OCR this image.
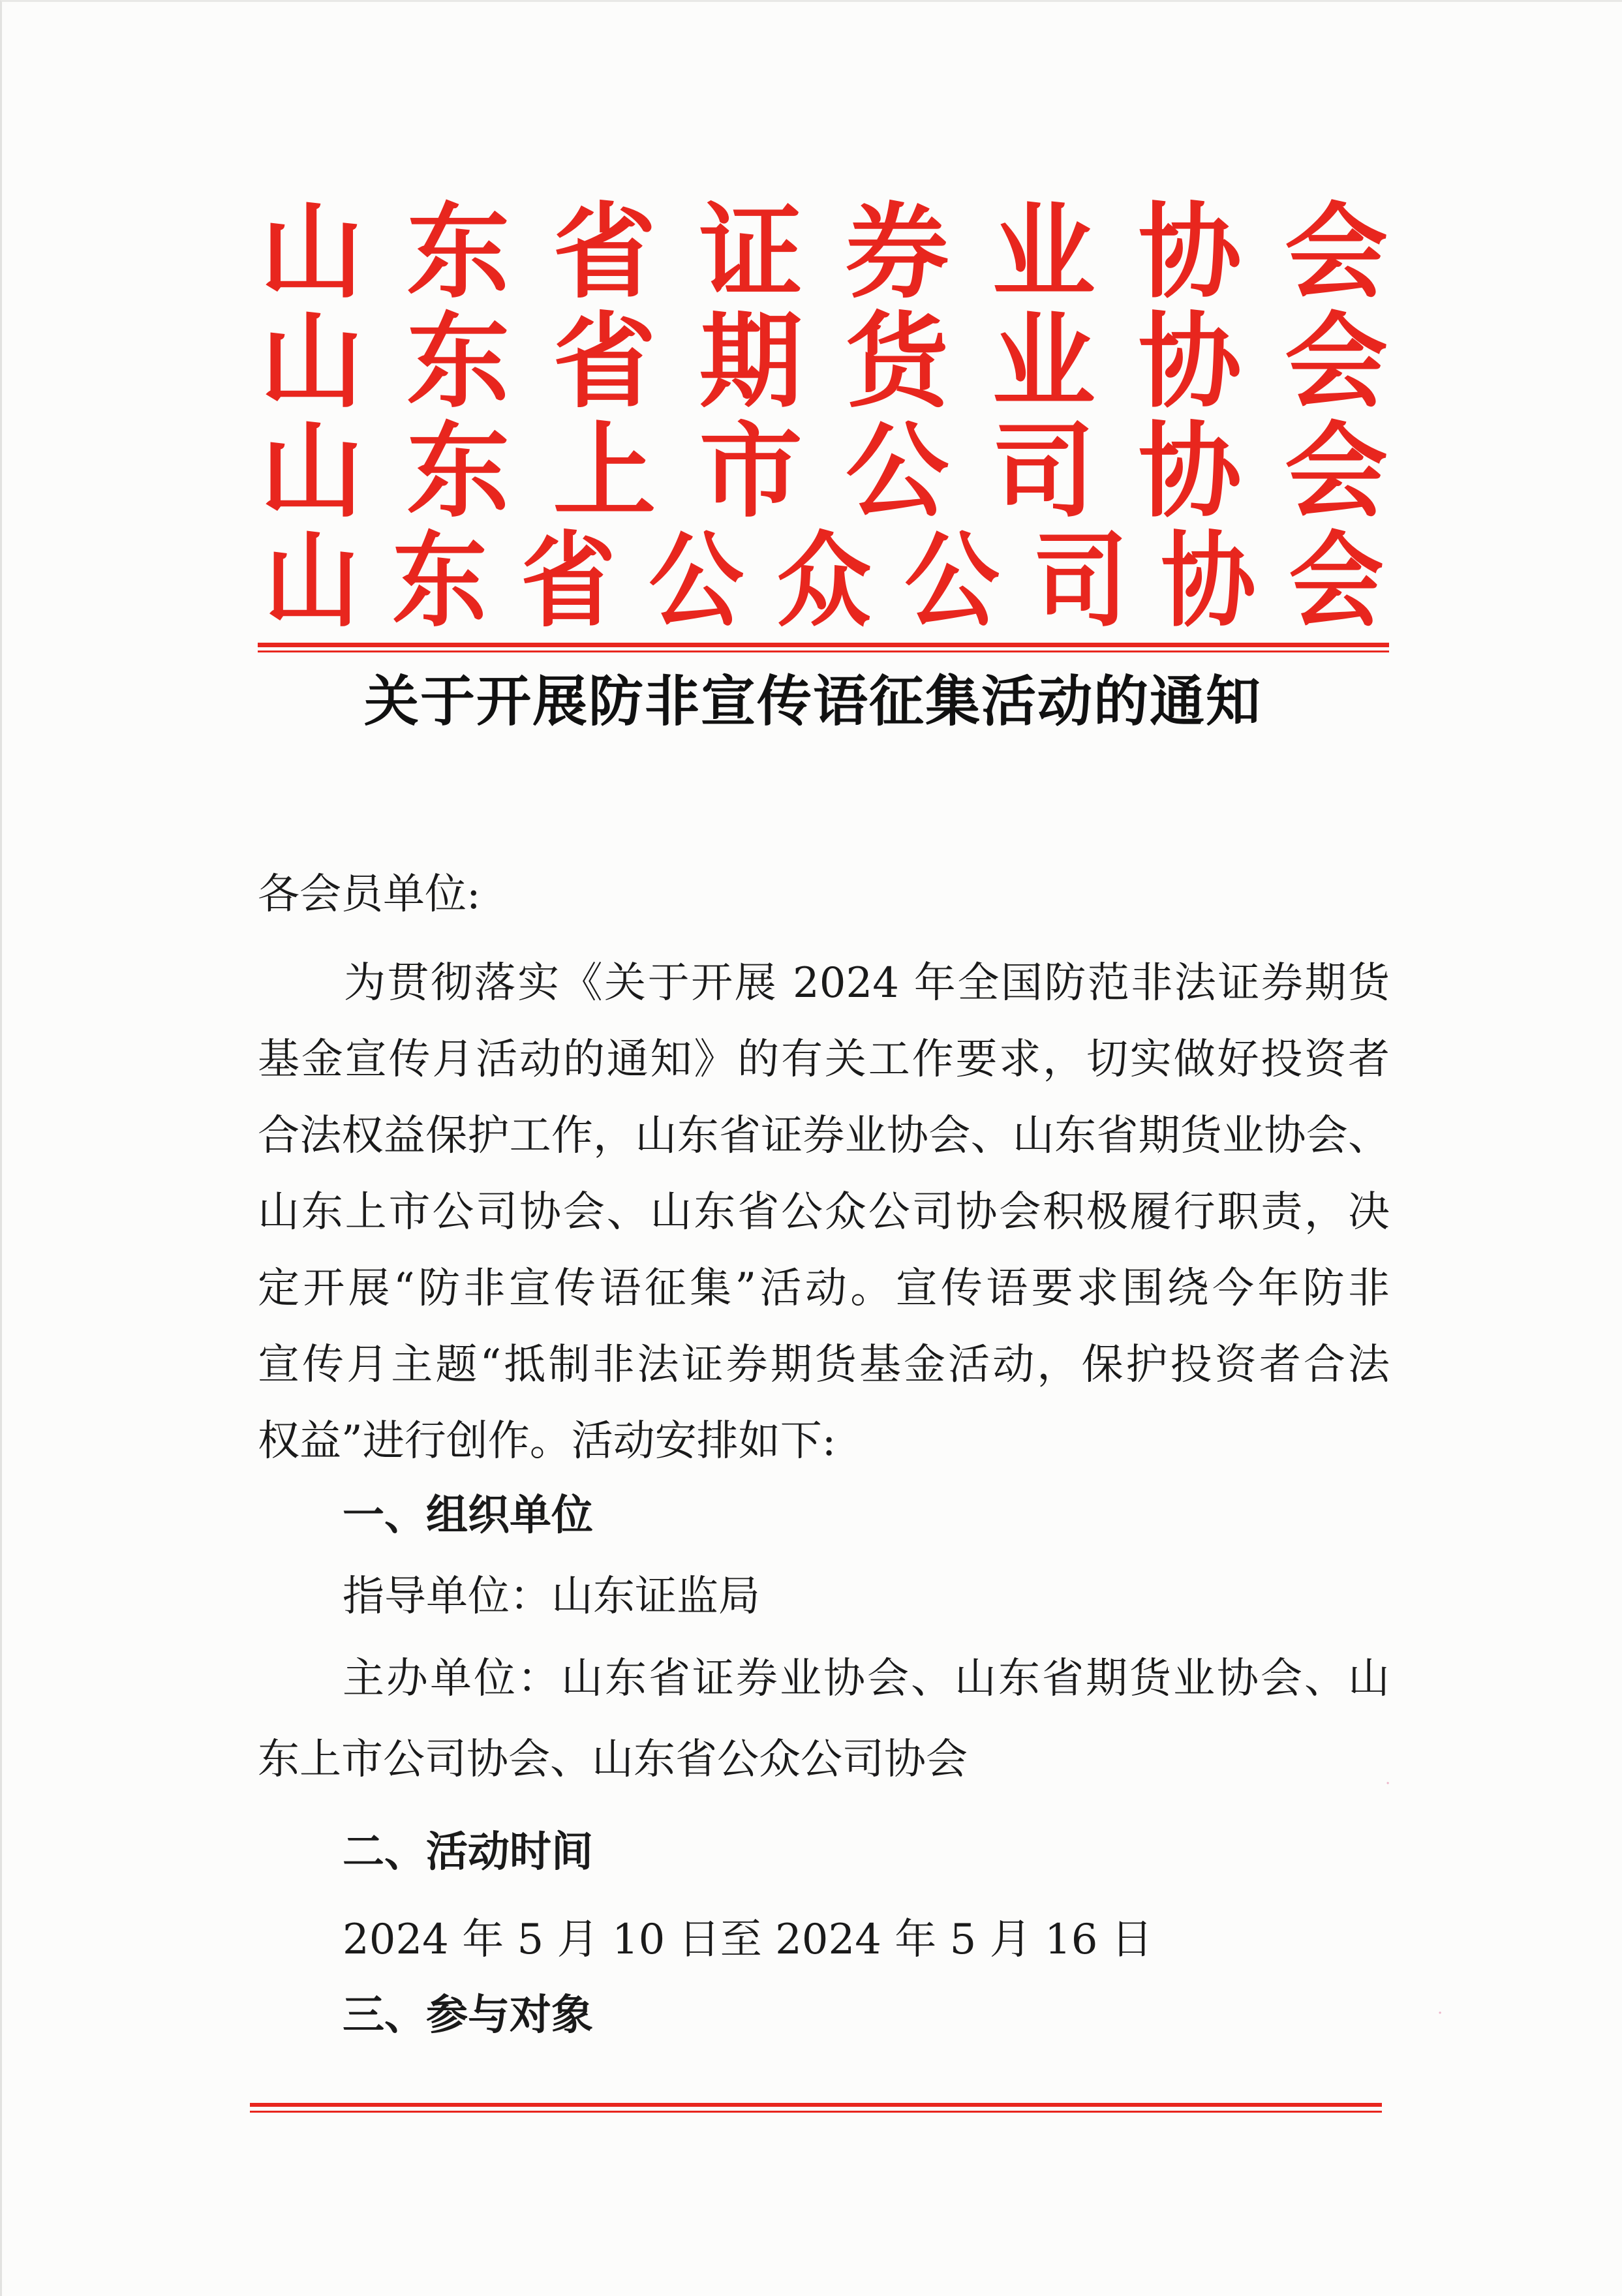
山 东 省 证 券 业 协 会
山 东 省 期 货 业 协 会
山 东 上 市 公 司 协 会
山 东 省 公 众 公 司 协 会
关于开展防非宣传语征集活动的通知
各会员单位:

为贯彻落实《关于开展 2024 年全国防范非法证券期货

基金宣传月活动的通知》的有关工作要求，切实做好投资者

合法权益保护工作，山东省证券业协会、山东省期货业协会、

山东上市公司协会、山东省公众公司协会积极履行职责，决

定开展“防非宣传语征集”活动。宣传语要求围绕今年防非

宣传月主题“抵制非法证券期货基金活动，保护投资者合法

权益”进行创作。活动安排如下:

一、组织单位
指导单位：山东证监局
主办单位：山东省证券业协会、山东省期货业协会、山
东上市公司协会、山东省公众公司协会
二、活动时间
2024 年 5 月 10 日至 2024 年 5 月 16 日
三、参与对象
·
·
